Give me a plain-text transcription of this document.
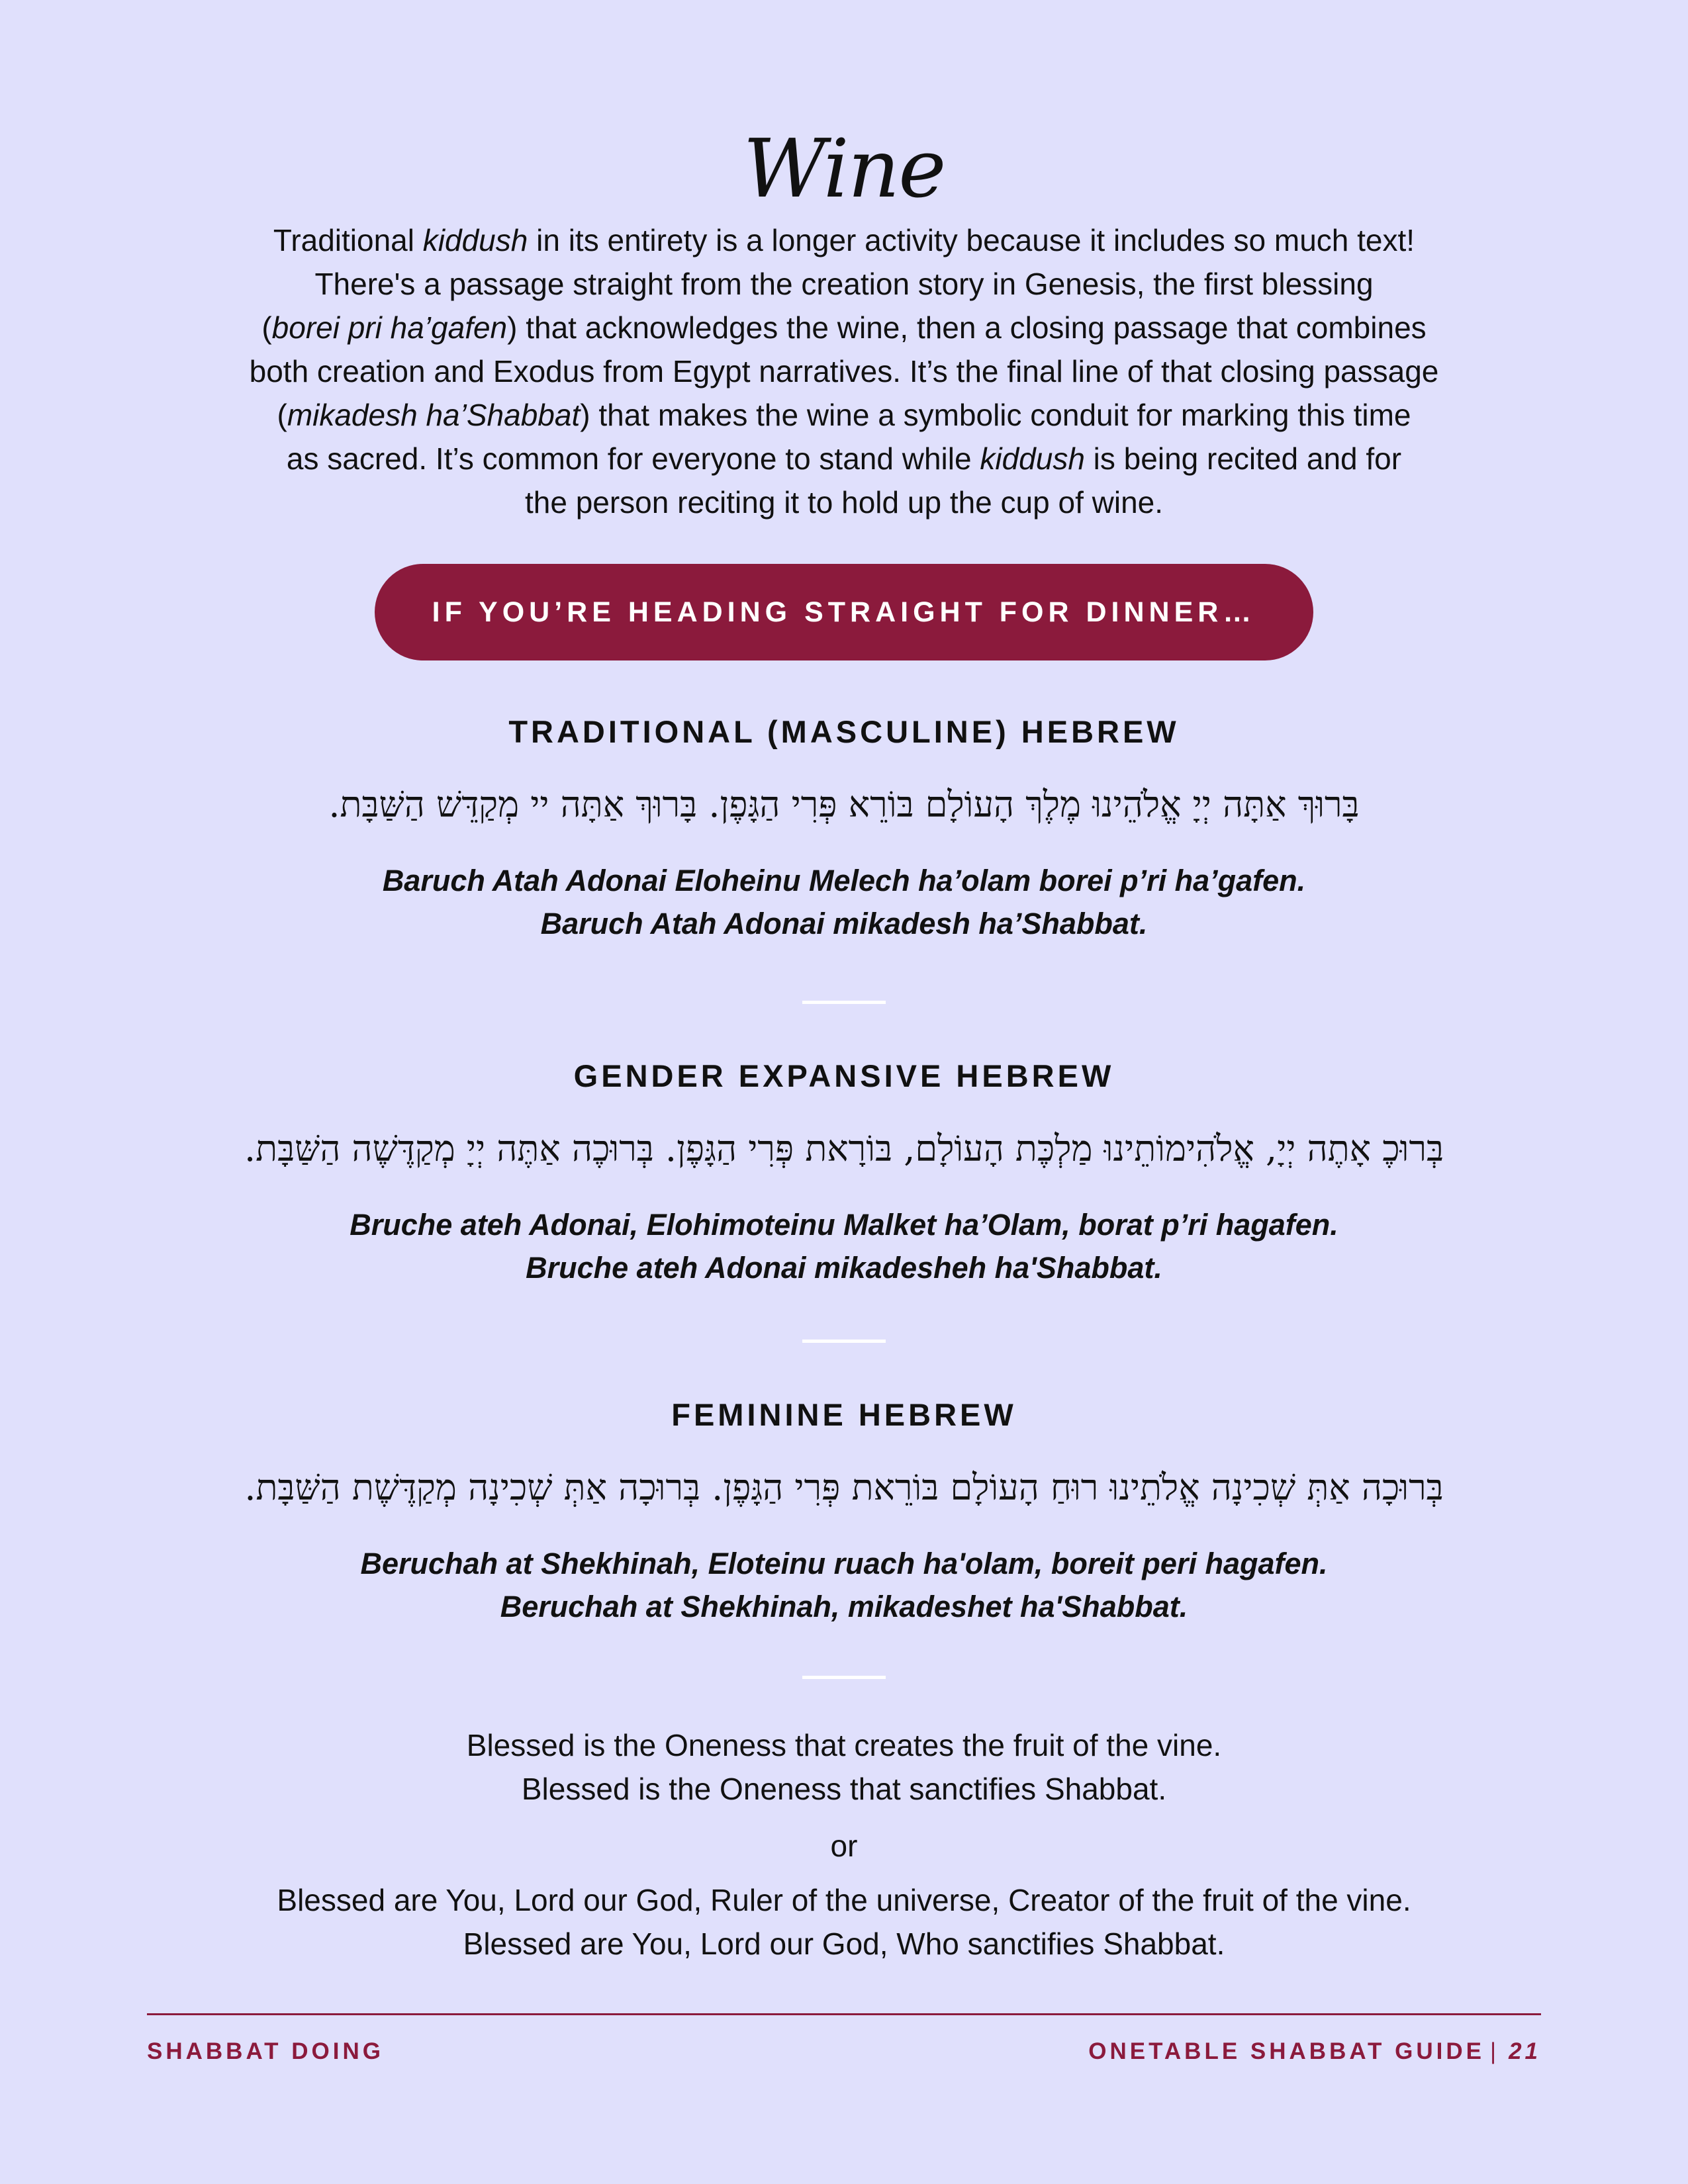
Wine

Traditional kiddush in its entirety is a longer activity because it includes so much text!

There's a passage straight from the creation story in Genesis, the first blessing

(borei pri ha’gafen) that acknowledges the wine, then a closing passage that combines

both creation and Exodus from Egypt narratives. It’s the final line of that closing passage

(mikadesh ha’Shabbat) that makes the wine a symbolic conduit for marking this time

as sacred. It’s common for everyone to stand while kiddush is being recited and for

the person reciting it to hold up the cup of wine.

IF YOU’RE HEADING STRAIGHT FOR DINNER…
TRADITIONAL (MASCULINE) HEBREW
בָּרוּךְ אַתָּה יְיָ אֱלֹהֵינוּ מֶלֶךְ הָעוֹלָם בּוֹרֵא פְּרִי הַגָּפֶן. בָּרוּךְ אַתָּה יי מְקַדֵּשׁ הַשַּׁבָּת.
Baruch Atah Adonai Eloheinu Melech ha’olam borei p’ri ha’gafen.
Baruch Atah Adonai mikadesh ha’Shabbat.
GENDER EXPANSIVE HEBREW
בְּרוּכֶ אָתֶה יְיָ, אֱלֹהִימוֹתֵינוּ מַלְכֶּת הָעוֹלָם, בּוֹרָאת פְּרִי הַגָּפֶן. בְּרוּכֶה אַתֶּה יְיָ מְקַדֶּשֶׁה הַשַּׁבָּת.
Bruche ateh Adonai, Elohimoteinu Malket ha’Olam, borat p’ri hagafen.
Bruche ateh Adonai mikadesheh ha'Shabbat.
FEMININE HEBREW
בְּרוּכָה אַתְּ שְׁכִינָה אֱלֹתֵינוּ רוּחַ הָעוֹלָם בּוֹרֵאת פְּרִי הַגָּפֶן. בְּרוּכָה אַתְּ שְׁכִינָה מְקַדֶּשֶׁת הַשַּׁבָּת.
Beruchah at Shekhinah, Eloteinu ruach ha'olam, boreit peri hagafen.
Beruchah at Shekhinah, mikadeshet ha'Shabbat.
Blessed is the Oneness that creates the fruit of the vine.
Blessed is the Oneness that sanctifies Shabbat.
or
Blessed are You, Lord our God, Ruler of the universe, Creator of the fruit of the vine.
Blessed are You, Lord our God, Who sanctifies Shabbat.
SHABBAT DOING	ONETABLE SHABBAT GUIDE | 21
